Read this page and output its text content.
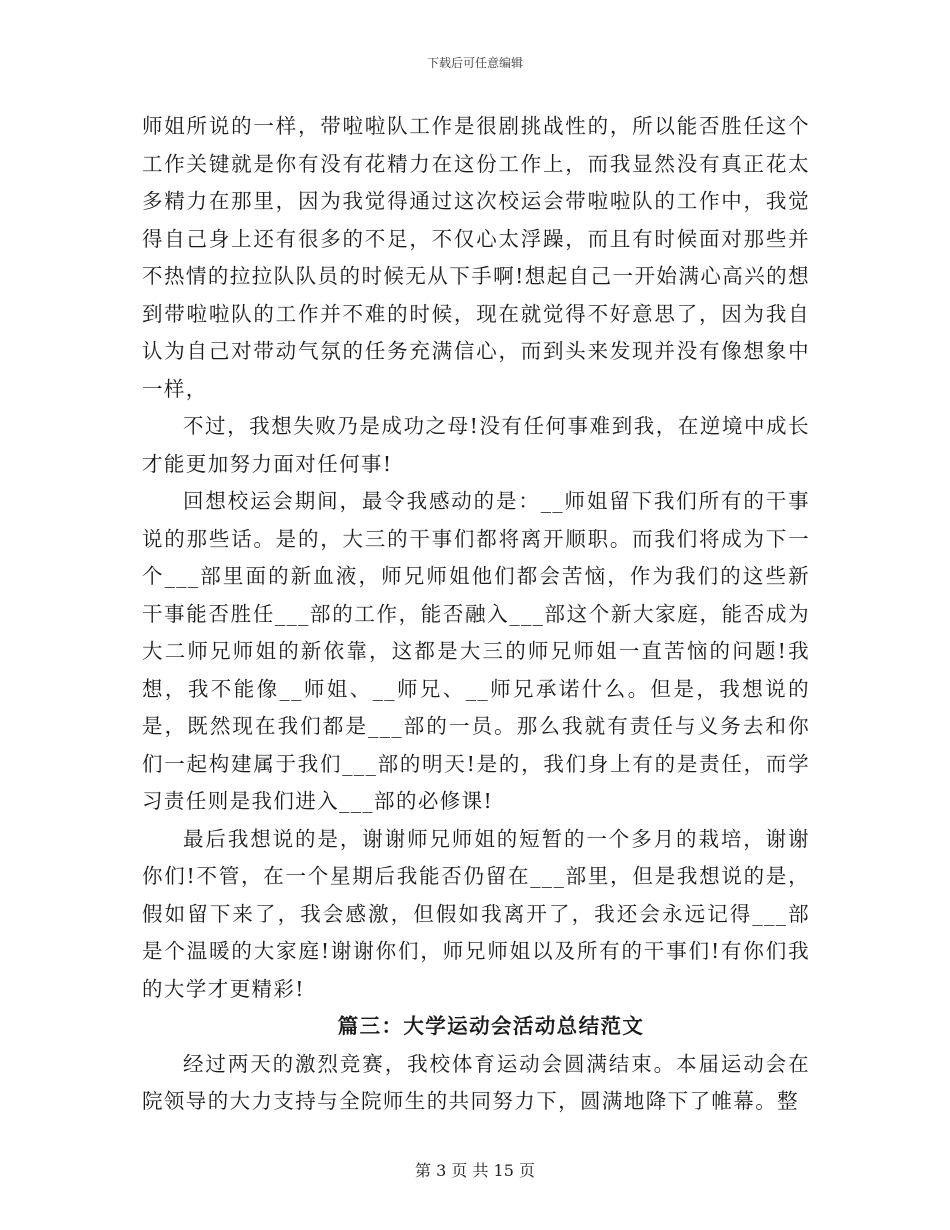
下载后可任意编辑

师姐所说的一样，带啦啦队工作是很剧挑战性的，所以能否胜任这个工作关键就是你有没有花精力在这份工作上，而我显然没有真正花太多精力在那里，因为我觉得通过这次校运会带啦啦队的工作中，我觉得自己身上还有很多的不足，不仅心太浮躁，而且有时候面对那些并不热情的拉拉队队员的时候无从下手啊!想起自己一开始满心高兴的想到带啦啦队的工作并不难的时候，现在就觉得不好意思了，因为我自认为自己对带动气氛的任务充满信心，而到头来发现并没有像想象中一样，

不过，我想失败乃是成功之母!没有任何事难到我，在逆境中成长才能更加努力面对任何事!

回想校运会期间，最令我感动的是：__师姐留下我们所有的干事说的那些话。是的，大三的干事们都将离开顺职。而我们将成为下一个___部里面的新血液，师兄师姐他们都会苦恼，作为我们的这些新干事能否胜任___部的工作，能否融入___部这个新大家庭，能否成为大二师兄师姐的新依靠，这都是大三的师兄师姐一直苦恼的问题!我想，我不能像__师姐、__师兄、__师兄承诺什么。但是，我想说的是，既然现在我们都是___部的一员。那么我就有责任与义务去和你们一起构建属于我们___部的明天!是的，我们身上有的是责任，而学习责任则是我们进入___部的必修课!

最后我想说的是，谢谢师兄师姐的短暂的一个多月的栽培，谢谢你们!不管，在一个星期后我能否仍留在___部里，但是我想说的是，假如留下来了，我会感激，但假如我离开了，我还会永远记得___部是个温暖的大家庭!谢谢你们，师兄师姐以及所有的干事们!有你们我的大学才更精彩!

篇三：大学运动会活动总结范文

经过两天的激烈竞赛，我校体育运动会圆满结束。本届运动会在院领导的大力支持与全院师生的共同努力下，圆满地降下了帷幕。整

第 3 页 共 15 页
